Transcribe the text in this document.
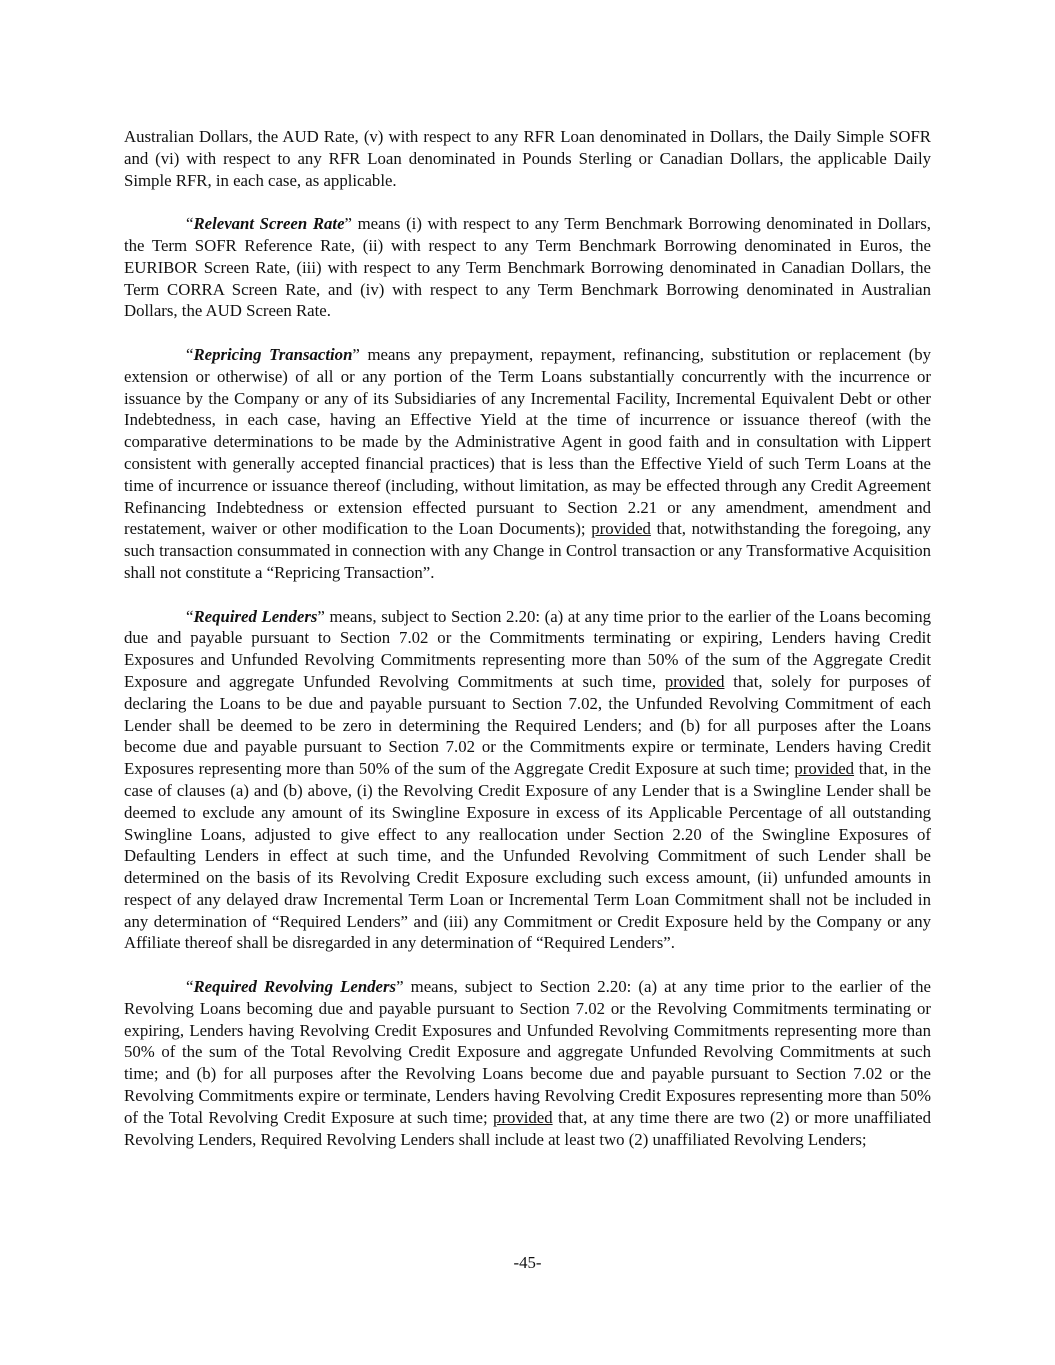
Australian Dollars, the AUD Rate, (v) with respect to any RFR Loan denominated in Dollars, the Daily Simple SOFR and (vi) with respect to any RFR Loan denominated in Pounds Sterling or Canadian Dollars, the applicable Daily Simple RFR, in each case, as applicable.

“Relevant Screen Rate” means (i) with respect to any Term Benchmark Borrowing denominated in Dollars, the Term SOFR Reference Rate, (ii) with respect to any Term Benchmark Borrowing denominated in Euros, the EURIBOR Screen Rate, (iii) with respect to any Term Benchmark Borrowing denominated in Canadian Dollars, the Term CORRA Screen Rate, and (iv) with respect to any Term Benchmark Borrowing denominated in Australian Dollars, the AUD Screen Rate.

“Repricing Transaction” means any prepayment, repayment, refinancing, substitution or replacement (by extension or otherwise) of all or any portion of the Term Loans substantially concurrently with the incurrence or issuance by the Company or any of its Subsidiaries of any Incremental Facility, Incremental Equivalent Debt or other Indebtedness, in each case, having an Effective Yield at the time of incurrence or issuance thereof (with the comparative determinations to be made by the Administrative Agent in good faith and in consultation with Lippert consistent with generally accepted financial practices) that is less than the Effective Yield of such Term Loans at the time of incurrence or issuance thereof (including, without limitation, as may be effected through any Credit Agreement Refinancing Indebtedness or extension effected pursuant to Section 2.21 or any amendment, amendment and restatement, waiver or other modification to the Loan Documents); provided that, notwithstanding the foregoing, any such transaction consummated in connection with any Change in Control transaction or any Transformative Acquisition shall not constitute a “Repricing Transaction”.

“Required Lenders” means, subject to Section 2.20: (a) at any time prior to the earlier of the Loans becoming due and payable pursuant to Section 7.02 or the Commitments terminating or expiring, Lenders having Credit Exposures and Unfunded Revolving Commitments representing more than 50% of the sum of the Aggregate Credit Exposure and aggregate Unfunded Revolving Commitments at such time, provided that, solely for purposes of declaring the Loans to be due and payable pursuant to Section 7.02, the Unfunded Revolving Commitment of each Lender shall be deemed to be zero in determining the Required Lenders; and (b) for all purposes after the Loans become due and payable pursuant to Section 7.02 or the Commitments expire or terminate, Lenders having Credit Exposures representing more than 50% of the sum of the Aggregate Credit Exposure at such time; provided that, in the case of clauses (a) and (b) above, (i) the Revolving Credit Exposure of any Lender that is a Swingline Lender shall be deemed to exclude any amount of its Swingline Exposure in excess of its Applicable Percentage of all outstanding Swingline Loans, adjusted to give effect to any reallocation under Section 2.20 of the Swingline Exposures of Defaulting Lenders in effect at such time, and the Unfunded Revolving Commitment of such Lender shall be determined on the basis of its Revolving Credit Exposure excluding such excess amount, (ii) unfunded amounts in respect of any delayed draw Incremental Term Loan or Incremental Term Loan Commitment shall not be included in any determination of “Required Lenders” and (iii) any Commitment or Credit Exposure held by the Company or any Affiliate thereof shall be disregarded in any determination of “Required Lenders”.

“Required Revolving Lenders” means, subject to Section 2.20: (a) at any time prior to the earlier of the Revolving Loans becoming due and payable pursuant to Section 7.02 or the Revolving Commitments terminating or expiring, Lenders having Revolving Credit Exposures and Unfunded Revolving Commitments representing more than 50% of the sum of the Total Revolving Credit Exposure and aggregate Unfunded Revolving Commitments at such time; and (b) for all purposes after the Revolving Loans become due and payable pursuant to Section 7.02 or the Revolving Commitments expire or terminate, Lenders having Revolving Credit Exposures representing more than 50% of the Total Revolving Credit Exposure at such time; provided that, at any time there are two (2) or more unaffiliated Revolving Lenders, Required Revolving Lenders shall include at least two (2) unaffiliated Revolving Lenders;

-45-
